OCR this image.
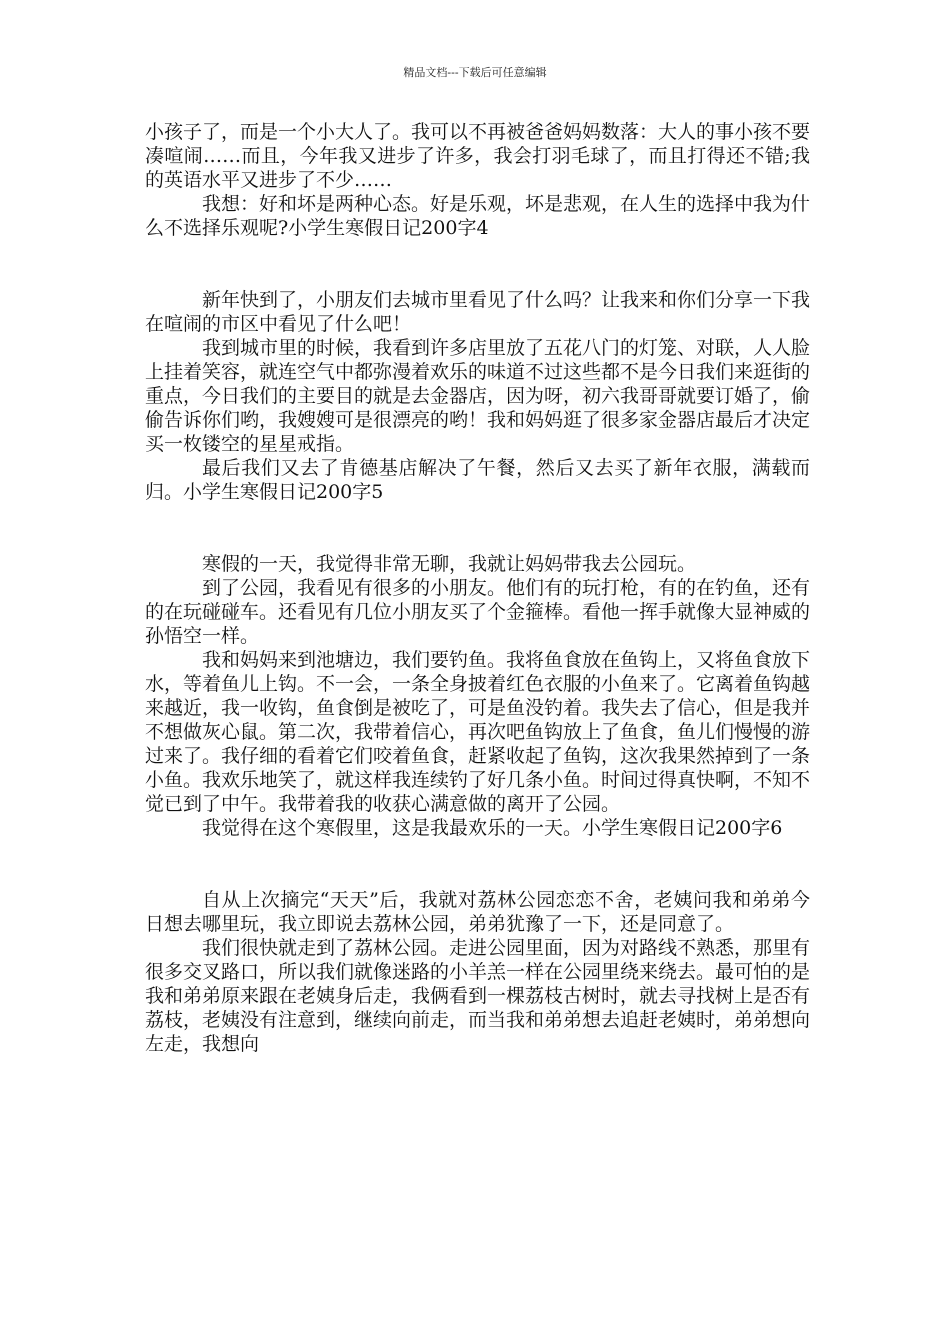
精品文档---下载后可任意编辑

小孩子了，而是一个小大人了。我可以不再被爸爸妈妈数落：大人的事小孩不要凑喧闹……而且，今年我又进步了许多，我会打羽毛球了，而且打得还不错;我的英语水平又进步了不少……

我想：好和坏是两种心态。好是乐观，坏是悲观，在人生的选择中我为什么不选择乐观呢?小学生寒假日记200字4

新年快到了，小朋友们去城市里看见了什么吗？让我来和你们分享一下我在喧闹的市区中看见了什么吧！

我到城市里的时候，我看到许多店里放了五花八门的灯笼、对联，人人脸上挂着笑容，就连空气中都弥漫着欢乐的味道不过这些都不是今日我们来逛街的重点，今日我们的主要目的就是去金器店，因为呀，初六我哥哥就要订婚了，偷偷告诉你们哟，我嫂嫂可是很漂亮的哟！我和妈妈逛了很多家金器店最后才决定买一枚镂空的星星戒指。

最后我们又去了肯德基店解决了午餐，然后又去买了新年衣服，满载而归。小学生寒假日记200字5

寒假的一天，我觉得非常无聊，我就让妈妈带我去公园玩。

到了公园，我看见有很多的小朋友。他们有的玩打枪，有的在钓鱼，还有的在玩碰碰车。还看见有几位小朋友买了个金箍棒。看他一挥手就像大显神威的孙悟空一样。

我和妈妈来到池塘边，我们要钓鱼。我将鱼食放在鱼钩上，又将鱼食放下水，等着鱼儿上钩。不一会，一条全身披着红色衣服的小鱼来了。它离着鱼钩越来越近，我一收钩，鱼食倒是被吃了，可是鱼没钓着。我失去了信心，但是我并不想做灰心鼠。第二次，我带着信心，再次吧鱼钩放上了鱼食，鱼儿们慢慢的游过来了。我仔细的看着它们咬着鱼食，赶紧收起了鱼钩，这次我果然掉到了一条小鱼。我欢乐地笑了，就这样我连续钓了好几条小鱼。时间过得真快啊，不知不觉已到了中午。我带着我的收获心满意做的离开了公园。

我觉得在这个寒假里，这是我最欢乐的一天。小学生寒假日记200字6

自从上次摘完“天天”后，我就对荔林公园恋恋不舍，老姨问我和弟弟今日想去哪里玩，我立即说去荔林公园，弟弟犹豫了一下，还是同意了。

我们很快就走到了荔林公园。走进公园里面，因为对路线不熟悉，那里有很多交叉路口，所以我们就像迷路的小羊羔一样在公园里绕来绕去。最可怕的是我和弟弟原来跟在老姨身后走，我俩看到一棵荔枝古树时，就去寻找树上是否有荔枝，老姨没有注意到，继续向前走，而当我和弟弟想去追赶老姨时，弟弟想向左走，我想向
